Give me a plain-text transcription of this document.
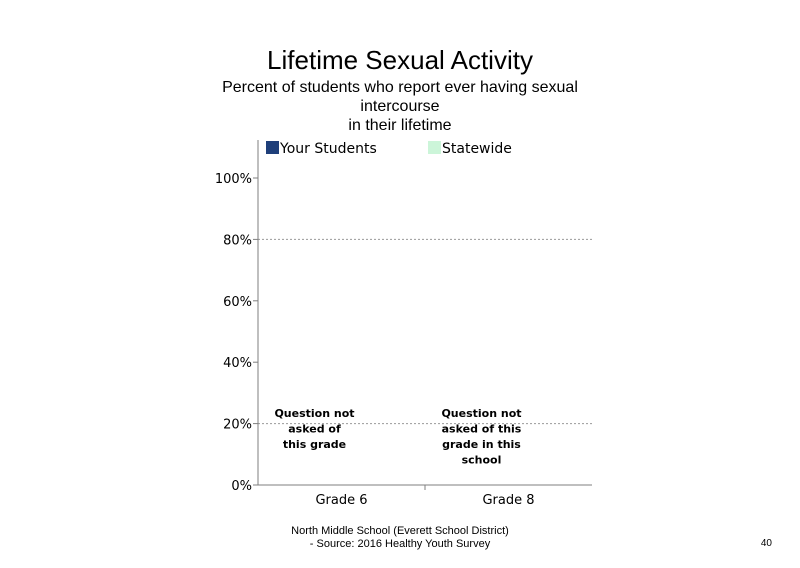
Lifetime Sexual Activity
Percent of students who report ever having sexual
intercourse
in their lifetime
0%
20%
40%
60%
80%
100%
Grade 6	Grade 8
Question not
asked of
this grade
Question not
asked of this
grade in this
school
Your Students	Statewide
North Middle School (Everett School District)
- Source: 2016 Healthy Youth Survey	40
